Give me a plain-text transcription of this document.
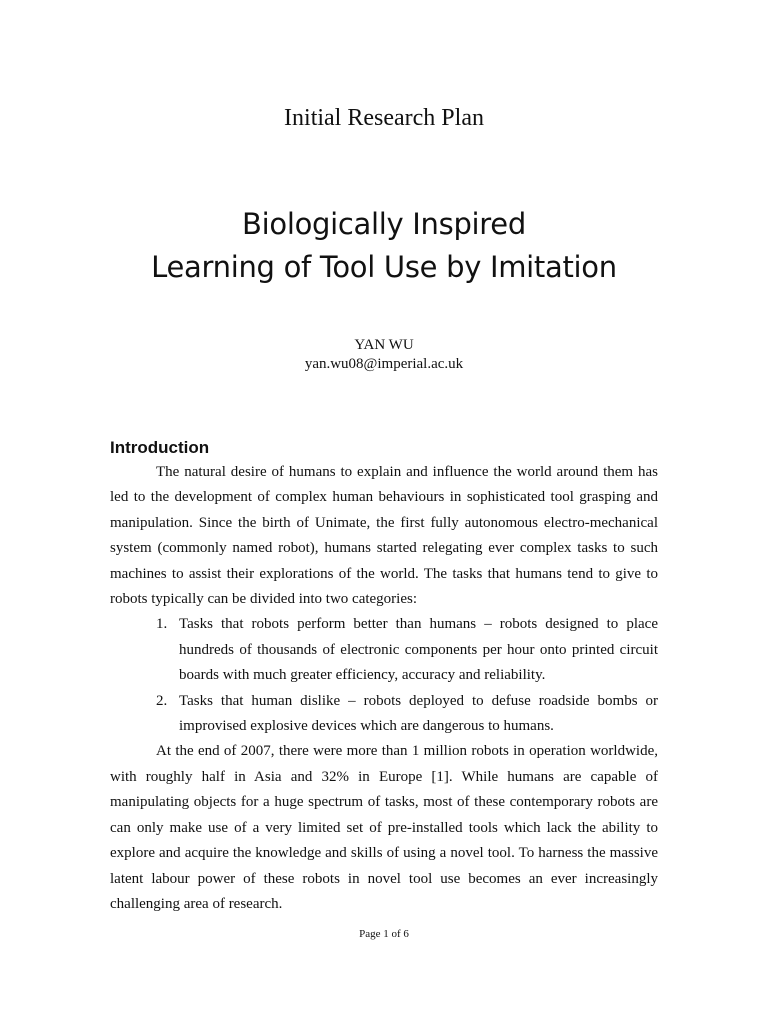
Initial Research Plan
Biologically Inspired
Learning of Tool Use by Imitation
YAN WU
yan.wu08@imperial.ac.uk
Introduction

The natural desire of humans to explain and influence the world around them has led to the development of complex human behaviours in sophisticated tool grasping and manipulation. Since the birth of Unimate, the first fully autonomous electro-mechanical system (commonly named robot), humans started relegating ever complex tasks to such machines to assist their explorations of the world. The tasks that humans tend to give to robots typically can be divided into two categories:

1. Tasks that robots perform better than humans – robots designed to place hundreds of thousands of electronic components per hour onto printed circuit boards with much greater efficiency, accuracy and reliability.
2. Tasks that human dislike – robots deployed to defuse roadside bombs or improvised explosive devices which are dangerous to humans.

At the end of 2007, there were more than 1 million robots in operation worldwide, with roughly half in Asia and 32% in Europe [1]. While humans are capable of manipulating objects for a huge spectrum of tasks, most of these contemporary robots are can only make use of a very limited set of pre-installed tools which lack the ability to explore and acquire the knowledge and skills of using a novel tool. To harness the massive latent labour power of these robots in novel tool use becomes an ever increasingly challenging area of research.

Page 1 of 6
